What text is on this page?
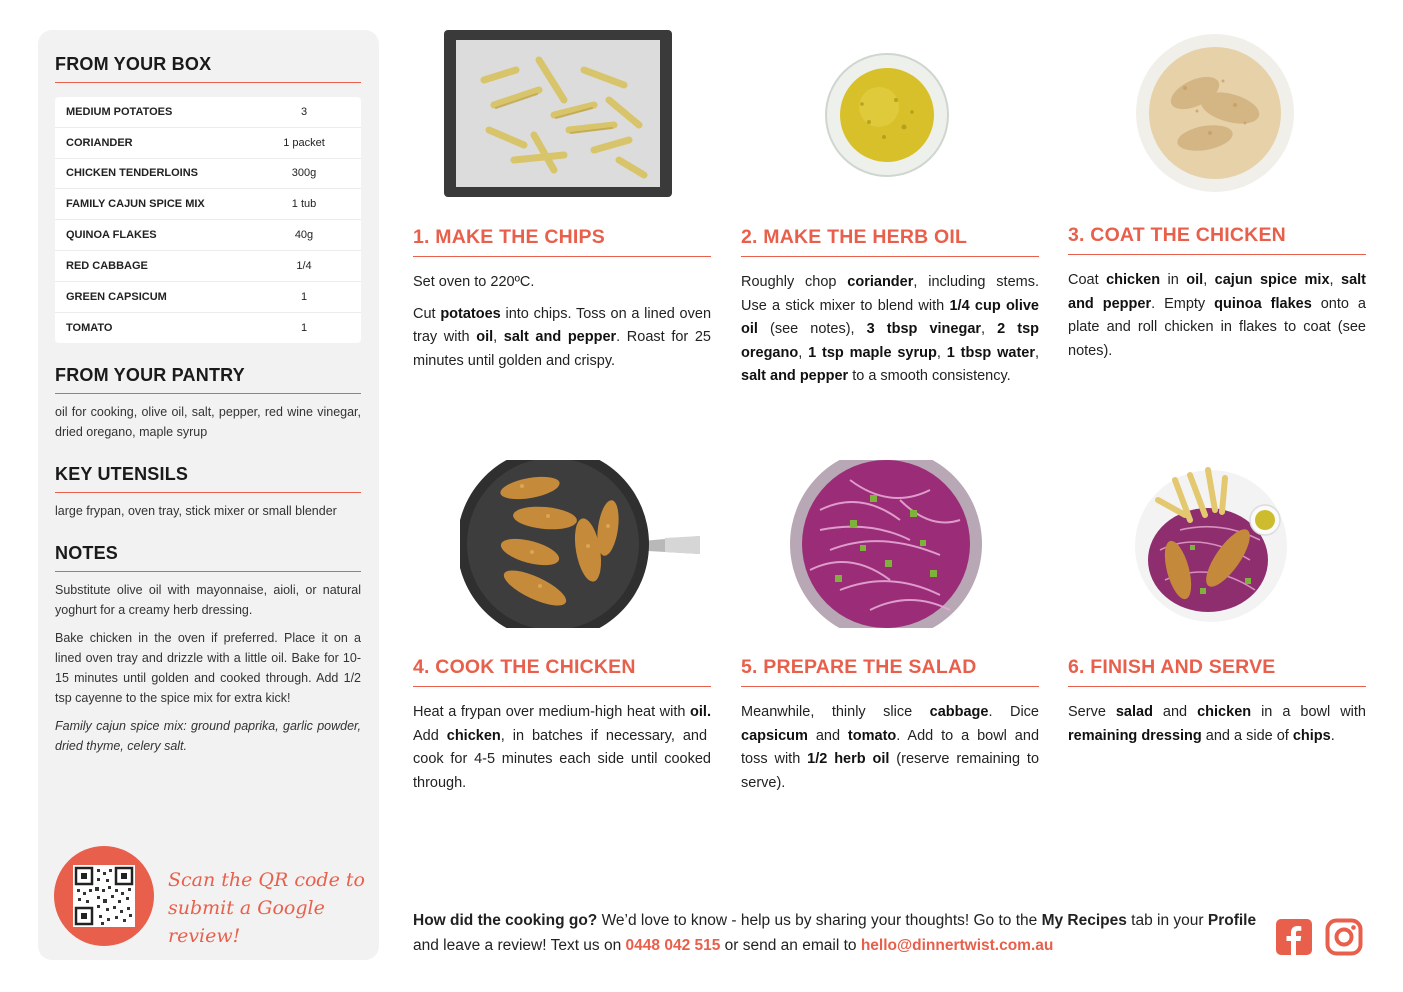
FROM YOUR BOX
MEDIUM POTATOES	3
CORIANDER	1 packet
CHICKEN TENDERLOINS	300g
FAMILY CAJUN SPICE MIX	1 tub
QUINOA FLAKES	40g
RED CABBAGE	1/4
GREEN CAPSICUM	1
TOMATO	1
FROM YOUR PANTRY
oil for cooking, olive oil, salt, pepper, red wine vinegar, dried oregano, maple syrup
KEY UTENSILS
large frypan, oven tray, stick mixer or small blender
NOTES
Substitute olive oil with mayonnaise, aioli, or natural yoghurt for a creamy herb dressing.
Bake chicken in the oven if preferred. Place it on a lined oven tray and drizzle with a little oil. Bake for 10-15 minutes until golden and cooked through. Add 1/2 tsp cayenne to the spice mix for extra kick!
Family cajun spice mix: ground paprika, garlic powder, dried thyme, celery salt.
Scan the QR code to
submit a Google review!
1. MAKE THE CHIPS

Set oven to 220ºC.

Cut potatoes into chips. Toss on a lined oven tray with oil, salt and pepper. Roast for 25 minutes until golden and crispy.

2. MAKE THE HERB OIL

Roughly chop coriander, including stems. Use a stick mixer to blend with 1/4 cup olive oil (see notes), 3 tbsp vinegar, 2 tsp oregano, 1 tsp maple syrup, 1 tbsp water, salt and pepper to a smooth consistency.

3. COAT THE CHICKEN

Coat chicken in oil, cajun spice mix, salt and pepper. Empty quinoa flakes onto a plate and roll chicken in flakes to coat (see notes).

4. COOK THE CHICKEN

Heat a frypan over medium-high heat with oil. Add chicken, in batches if necessary, and cook for 4-5 minutes each side until cooked through.

5. PREPARE THE SALAD

Meanwhile, thinly slice cabbage. Dice capsicum and tomato. Add to a bowl and toss with 1/2 herb oil (reserve remaining to serve).

6. FINISH AND SERVE

Serve salad and chicken in a bowl with remaining dressing and a side of chips.

How did the cooking go? We’d love to know - help us by sharing your thoughts! Go to the My Recipes tab in your Profile and leave a review! Text us on 0448 042 515 or send an email to hello@dinnertwist.com.au
